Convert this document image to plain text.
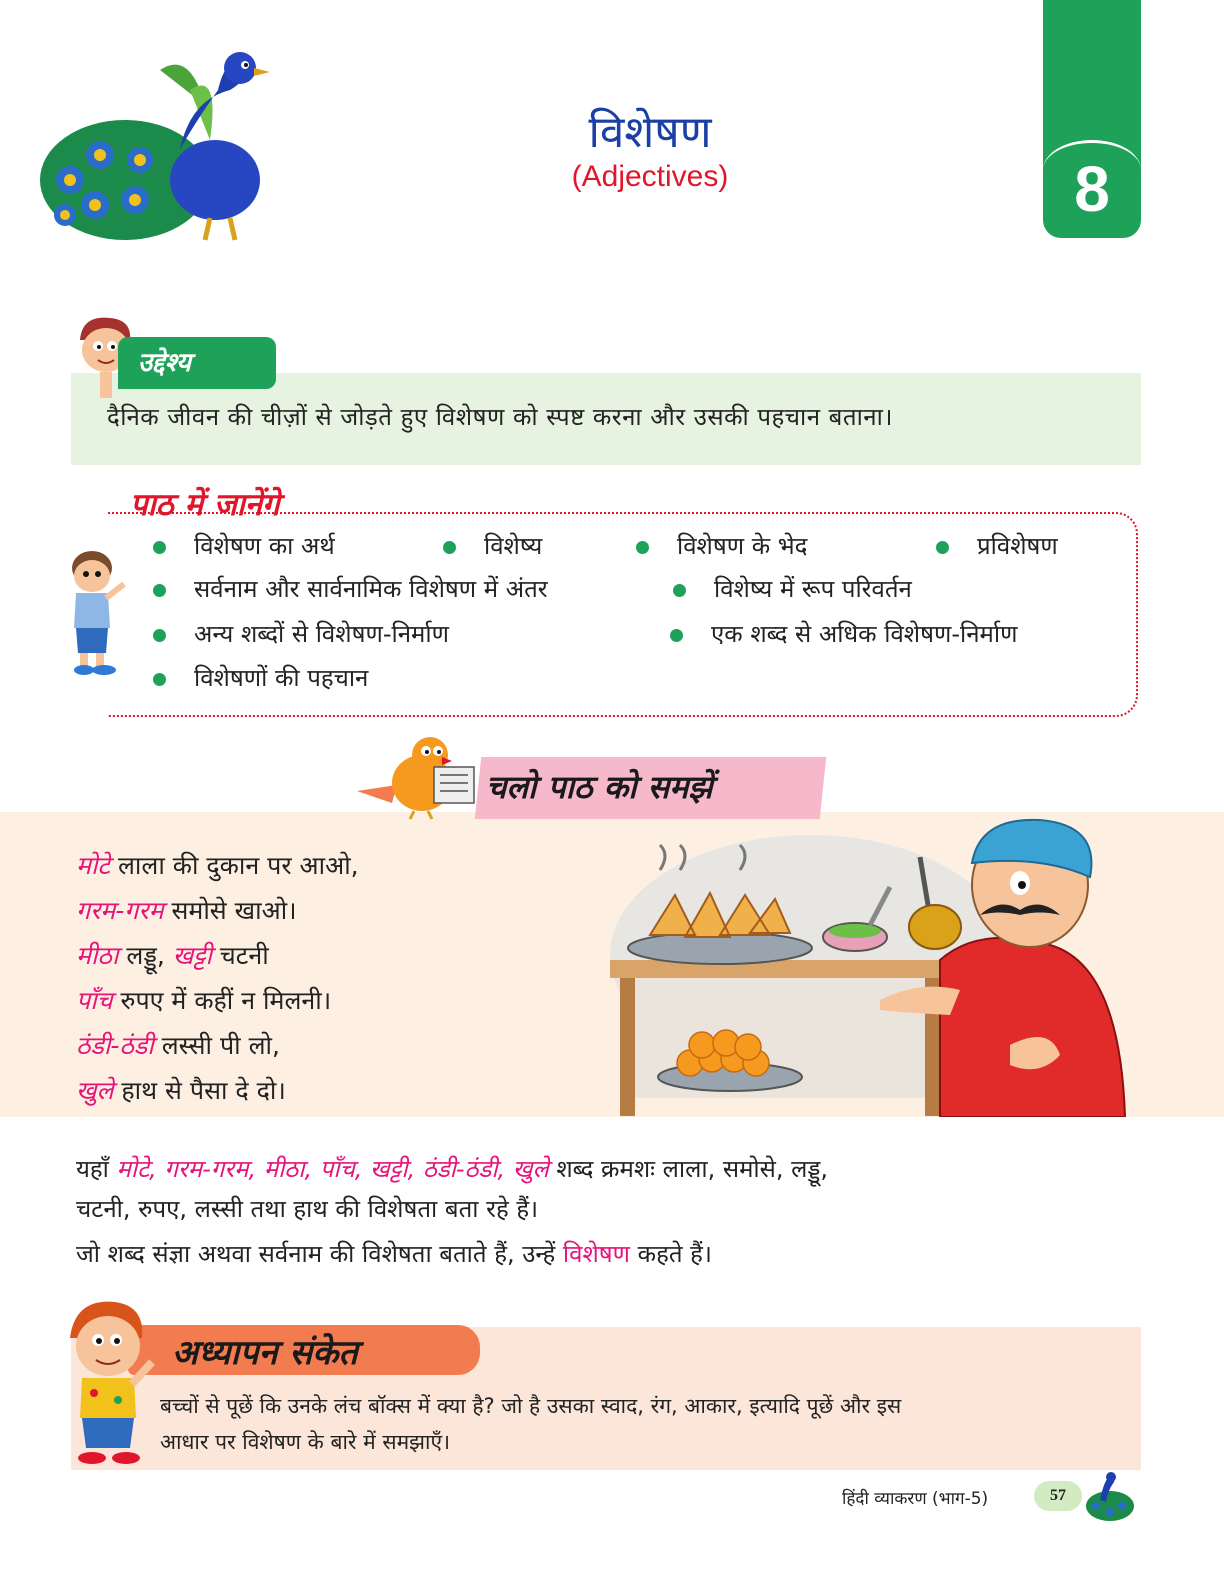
विशेषण
(Adjectives)	8
उद्देश्य
दैनिक जीवन की चीज़ों से जोड़ते हुए विशेषण को स्पष्ट करना और उसकी पहचान बताना।
पाठ में जानेंगे
विशेषण का अर्थ	विशेष्य	विशेषण के भेद	प्रविशेषण
सर्वनाम और सार्वनामिक विशेषण में अंतर	विशेष्य में रूप परिवर्तन
अन्य शब्दों से विशेषण-निर्माण	एक शब्द से अधिक विशेषण-निर्माण
विशेषणों की पहचान
चलो पाठ को समझें
मोटे लाला की दुकान पर आओ,
गरम-गरम समोसे खाओ।
मीठा लड्डू, खट्टी चटनी
पाँच रुपए में कहीं न मिलनी।
ठंडी-ठंडी लस्सी पी लो,
खुले हाथ से पैसा दे दो।
यहाँ मोटे, गरम-गरम, मीठा, पाँच, खट्टी, ठंडी-ठंडी, खुले शब्द क्रमशः लाला, समोसे, लड्डू,
चटनी, रुपए, लस्सी तथा हाथ की विशेषता बता रहे हैं।
जो शब्द संज्ञा अथवा सर्वनाम की विशेषता बताते हैं, उन्हें विशेषण कहते हैं।
अध्यापन संकेत
बच्चों से पूछें कि उनके लंच बॉक्स में क्या है? जो है उसका स्वाद, रंग, आकार, इत्यादि पूछें और इस
आधार पर विशेषण के बारे में समझाएँ।
हिंदी व्याकरण (भाग-5)	57
